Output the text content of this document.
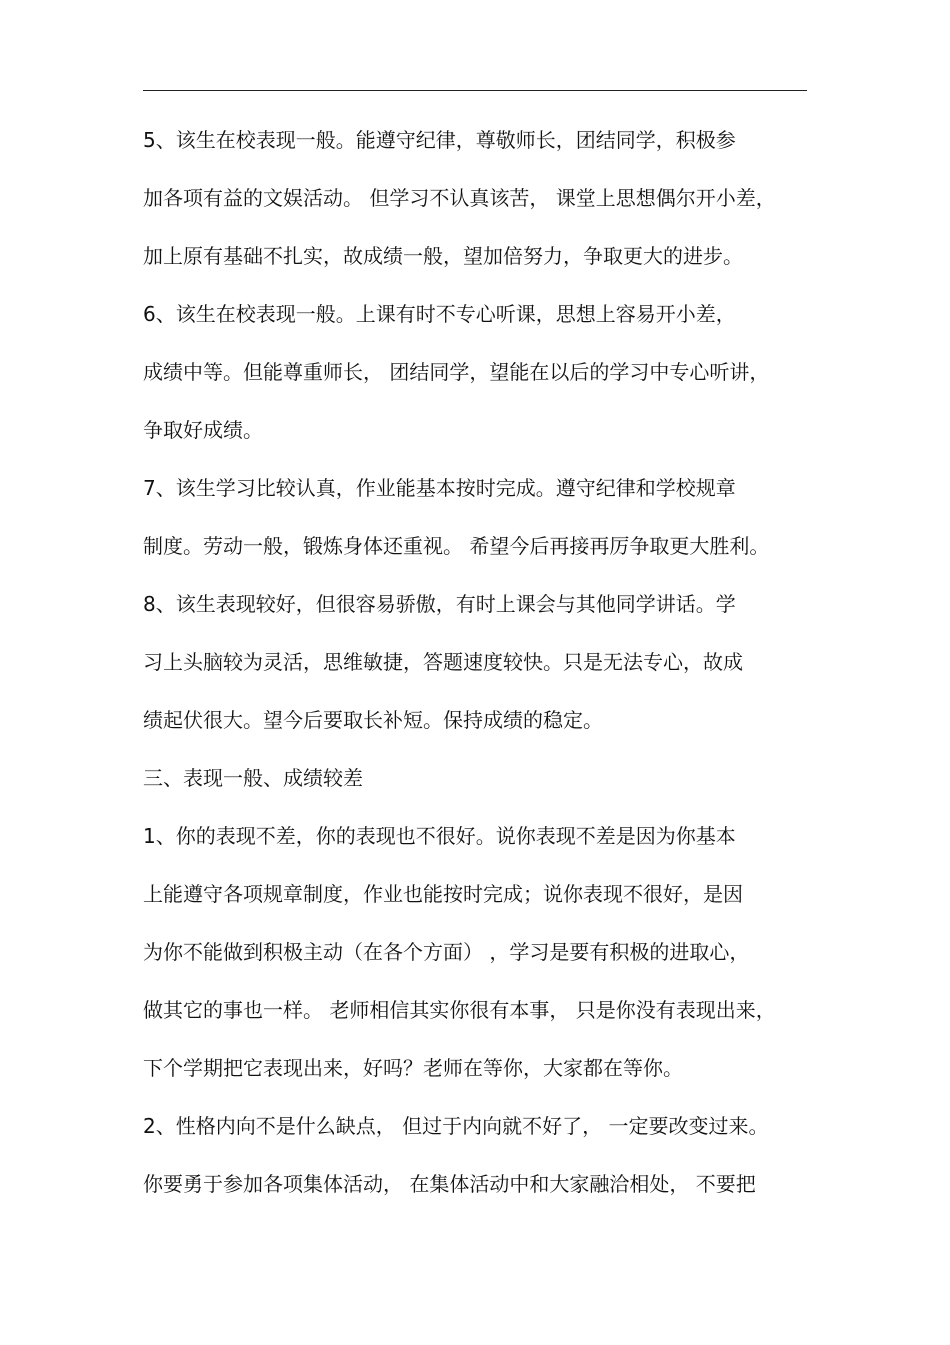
5、该生在校表现一般。能遵守纪律，尊敬师长，团结同学，积极参
加各项有益的文娱活动。 但学习不认真该苦， 课堂上思想偶尔开小差，
加上原有基础不扎实，故成绩一般，望加倍努力，争取更大的进步。
6、该生在校表现一般。上课有时不专心听课，思想上容易开小差，
成绩中等。但能尊重师长， 团结同学，望能在以后的学习中专心听讲，
争取好成绩。
7、该生学习比较认真，作业能基本按时完成。遵守纪律和学校规章
制度。劳动一般，锻炼身体还重视。 希望今后再接再厉争取更大胜利。
8、该生表现较好，但很容易骄傲，有时上课会与其他同学讲话。学
习上头脑较为灵活，思维敏捷，答题速度较快。只是无法专心，故成
绩起伏很大。望今后要取长补短。保持成绩的稳定。
三、表现一般、成绩较差
1、你的表现不差，你的表现也不很好。说你表现不差是因为你基本
上能遵守各项规章制度，作业也能按时完成；说你表现不很好，是因
为你不能做到积极主动（在各个方面） ，学习是要有积极的进取心，
做其它的事也一样。 老师相信其实你很有本事， 只是你没有表现出来，
下个学期把它表现出来，好吗？老师在等你，大家都在等你。
2、性格内向不是什么缺点， 但过于内向就不好了， 一定要改变过来。
你要勇于参加各项集体活动， 在集体活动中和大家融洽相处， 不要把
